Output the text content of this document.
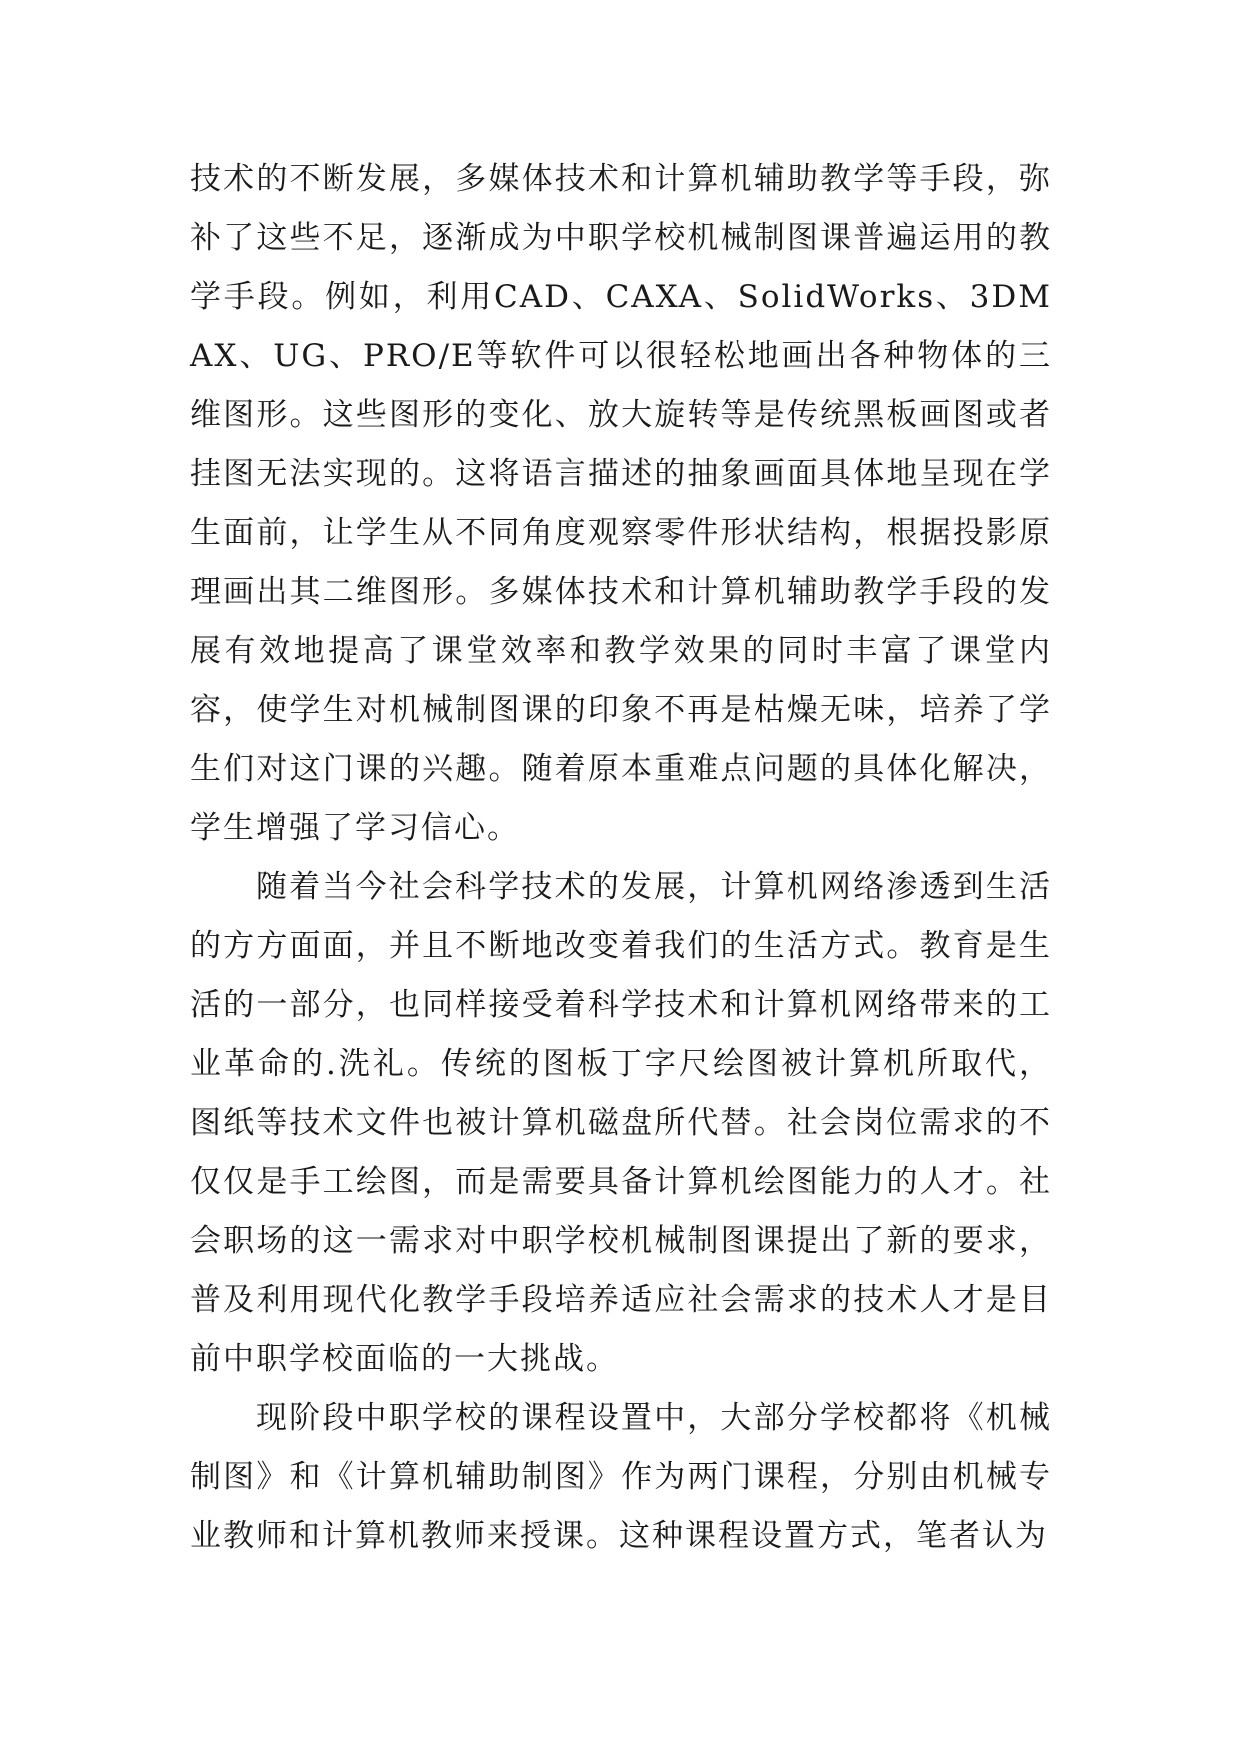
技术的不断发展，多媒体技术和计算机辅助教学等手段，弥补了这些不足，逐渐成为中职学校机械制图课普遍运用的教学手段。例如，利用CAD、CAXA、SolidWorks、3DMAX、UG、PRO/E等软件可以很轻松地画出各种物体的三维图形。这些图形的变化、放大旋转等是传统黑板画图或者挂图无法实现的。这将语言描述的抽象画面具体地呈现在学生面前，让学生从不同角度观察零件形状结构，根据投影原理画出其二维图形。多媒体技术和计算机辅助教学手段的发展有效地提高了课堂效率和教学效果的同时丰富了课堂内容，使学生对机械制图课的印象不再是枯燥无味，培养了学生们对这门课的兴趣。随着原本重难点问题的具体化解决，学生增强了学习信心。

随着当今社会科学技术的发展，计算机网络渗透到生活的方方面面，并且不断地改变着我们的生活方式。教育是生活的一部分，也同样接受着科学技术和计算机网络带来的工业革命的.洗礼。传统的图板丁字尺绘图被计算机所取代，图纸等技术文件也被计算机磁盘所代替。社会岗位需求的不仅仅是手工绘图，而是需要具备计算机绘图能力的人才。社会职场的这一需求对中职学校机械制图课提出了新的要求，普及利用现代化教学手段培养适应社会需求的技术人才是目前中职学校面临的一大挑战。

现阶段中职学校的课程设置中，大部分学校都将《机械制图》和《计算机辅助制图》作为两门课程，分别由机械专业教师和计算机教师来授课。这种课程设置方式，笔者认为
